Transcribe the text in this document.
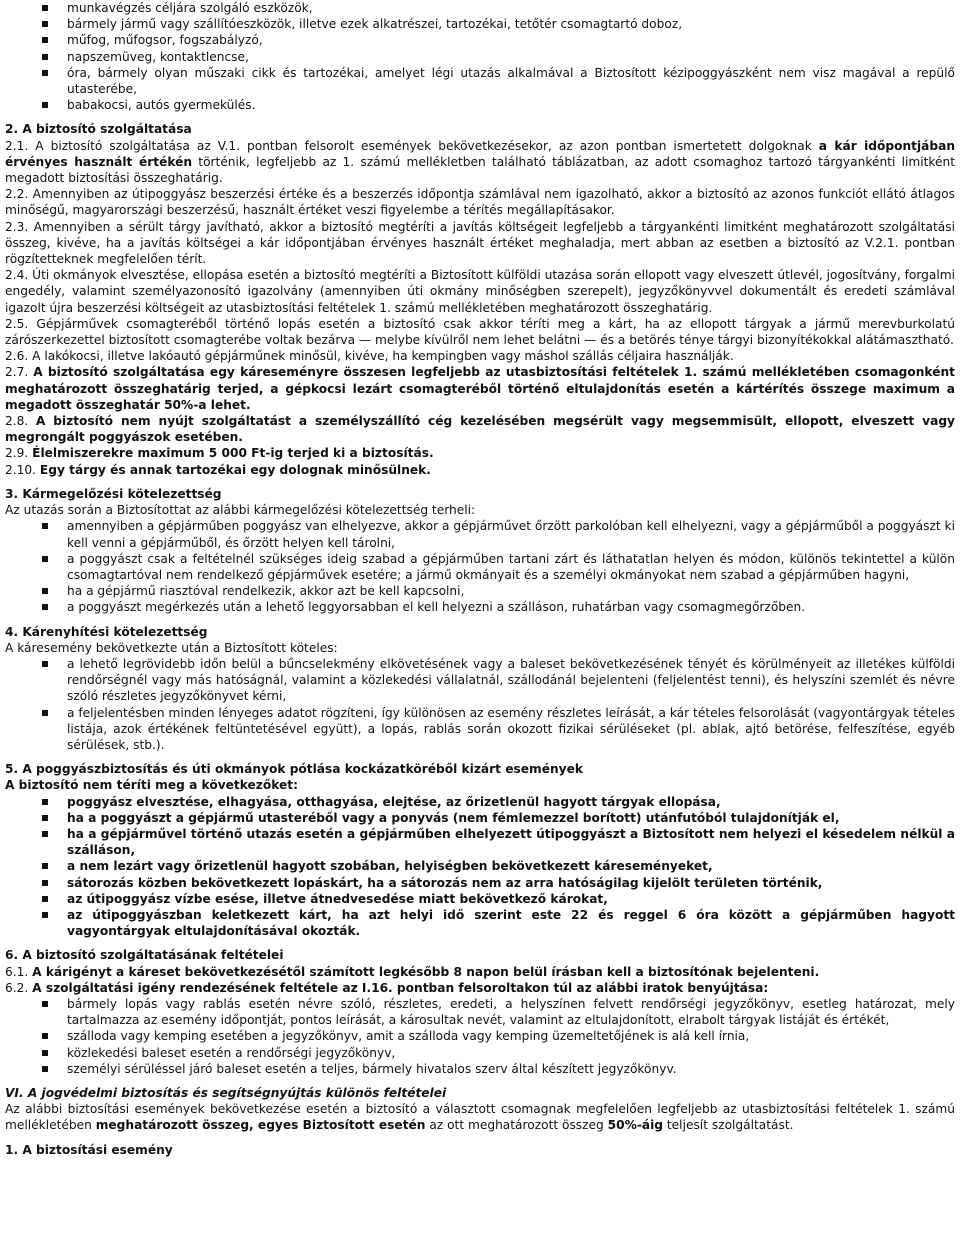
munkavégzés céljára szolgáló eszközök,
bármely jármű vagy szállítóeszközök, illetve ezek alkatrészei, tartozékai, tetőtér csomagtartó doboz,
műfog, műfogsor, fogszabályzó,
napszemüveg, kontaktlencse,
óra, bármely olyan műszaki cikk és tartozékai, amelyet légi utazás alkalmával a Biztosított kézipoggyászként nem visz magával a repülő utasterébe,
babakocsi, autós gyermekülés.

2. A biztosító szolgáltatása

2.1. A biztosító szolgáltatása az V.1. pontban felsorolt események bekövetkezésekor, az azon pontban ismertetett dolgoknak a kár időpontjában érvényes használt értékén történik, legfeljebb az 1. számú mellékletben található táblázatban, az adott csomaghoz tartozó tárgyankénti limitként megadott biztosítási összeghatárig.

2.2. Amennyiben az útipoggyász beszerzési értéke és a beszerzés időpontja számlával nem igazolható, akkor a biztosító az azonos funkciót ellátó átlagos minőségű, magyarországi beszerzésű, használt értéket veszi figyelembe a térítés megállapításakor.

2.3. Amennyiben a sérült tárgy javítható, akkor a biztosító megtéríti a javítás költségeit legfeljebb a tárgyankénti limitként meghatározott szolgáltatási összeg, kivéve, ha a javítás költségei a kár időpontjában érvényes használt értéket meghaladja, mert abban az esetben a biztosító az V.2.1. pontban rögzítetteknek megfelelően térít.

2.4. Úti okmányok elvesztése, ellopása esetén a biztosító megtéríti a Biztosított külföldi utazása során ellopott vagy elveszett útlevél, jogosítvány, forgalmi engedély, valamint személyazonosító igazolvány (amennyiben úti okmány minőségben szerepelt), jegyzőkönyvvel dokumentált és eredeti számlával igazolt újra beszerzési költségeit az utasbiztosítási feltételek 1. számú mellékletében meghatározott összeghatárig.

2.5. Gépjárművek csomagteréből történő lopás esetén a biztosító csak akkor téríti meg a kárt, ha az ellopott tárgyak a jármű merevburkolatú zárószerkezettel biztosított csomagterébe voltak bezárva — melybe kívülről nem lehet belátni — és a betörés ténye tárgyi bizonyítékokkal alátámasztható.

2.6. A lakókocsi, illetve lakóautó gépjárműnek minősül, kivéve, ha kempingben vagy máshol szállás céljaira használják.

2.7. A biztosító szolgáltatása egy káreseményre összesen legfeljebb az utasbiztosítási feltételek 1. számú mellékletében csomagonként meghatározott összeghatárig terjed, a gépkocsi lezárt csomagteréből történő eltulajdonítás esetén a kártérítés összege maximum a megadott összeghatár 50%-a lehet.

2.8. A biztosító nem nyújt szolgáltatást a személyszállító cég kezelésében megsérült vagy megsemmisült, ellopott, elveszett vagy megrongált poggyászok esetében.

2.9. Élelmiszerekre maximum 5 000 Ft-ig terjed ki a biztosítás.

2.10. Egy tárgy és annak tartozékai egy dolognak minősülnek.

3. Kármegelőzési kötelezettség

Az utazás során a Biztosítottat az alábbi kármegelőzési kötelezettség terheli:

amennyiben a gépjárműben poggyász van elhelyezve, akkor a gépjárművet őrzött parkolóban kell elhelyezni, vagy a gépjárműből a poggyászt ki kell venni a gépjárműből, és őrzött helyen kell tárolni,
a poggyászt csak a feltételnél szükséges ideig szabad a gépjárműben tartani zárt és láthatatlan helyen és módon, különös tekintettel a külön csomagtartóval nem rendelkező gépjárművek esetére; a jármű okmányait és a személyi okmányokat nem szabad a gépjárműben hagyni,
ha a gépjármű riasztóval rendelkezik, akkor azt be kell kapcsolni,
a poggyászt megérkezés után a lehető leggyorsabban el kell helyezni a szálláson, ruhatárban vagy csomagmegőrzőben.

4. Kárenyhítési kötelezettség

A káresemény bekövetkezte után a Biztosított köteles:

a lehető legrövidebb időn belül a bűncselekmény elkövetésének vagy a baleset bekövetkezésének tényét és körülményeit az illetékes külföldi rendőrségnél vagy más hatóságnál, valamint a közlekedési vállalatnál, szállodánál bejelenteni (feljelentést tenni), és helyszíni szemlét és névre szóló részletes jegyzőkönyvet kérni,
a feljelentésben minden lényeges adatot rögzíteni, így különösen az esemény részletes leírását, a kár tételes felsorolását (vagyontárgyak tételes listája, azok értékének feltüntetésével együtt), a lopás, rablás során okozott fizikai sérüléseket (pl. ablak, ajtó betörése, felfeszítése, egyéb sérülések, stb.).

5. A poggyászbiztosítás és úti okmányok pótlása kockázatköréből kizárt események

A biztosító nem téríti meg a következőket:

poggyász elvesztése, elhagyása, otthagyása, elejtése, az őrizetlenül hagyott tárgyak ellopása,
ha a poggyászt a gépjármű utasteréből vagy a ponyvás (nem fémlemezzel borított) utánfutóból tulajdonítják el,
ha a gépjárművel történő utazás esetén a gépjárműben elhelyezett útipoggyászt a Biztosított nem helyezi el késedelem nélkül a szálláson,
a nem lezárt vagy őrizetlenül hagyott szobában, helyiségben bekövetkezett káreseményeket,
sátorozás közben bekövetkezett lopáskárt, ha a sátorozás nem az arra hatóságilag kijelölt területen történik,
az útipoggyász vízbe esése, illetve átnedvesedése miatt bekövetkező károkat,
az útipoggyászban keletkezett kárt, ha azt helyi idő szerint este 22 és reggel 6 óra között a gépjárműben hagyott vagyontárgyak eltulajdonításával okozták.

6. A biztosító szolgáltatásának feltételei

6.1. A kárigényt a káreset bekövetkezésétől számított legkésőbb 8 napon belül írásban kell a biztosítónak bejelenteni.

6.2. A szolgáltatási igény rendezésének feltétele az I.16. pontban felsoroltakon túl az alábbi iratok benyújtása:

bármely lopás vagy rablás esetén névre szóló, részletes, eredeti, a helyszínen felvett rendőrségi jegyzőkönyv, esetleg határozat, mely tartalmazza az esemény időpontját, pontos leírását, a károsultak nevét, valamint az eltulajdonított, elrabolt tárgyak listáját és értékét,
szálloda vagy kemping esetében a jegyzőkönyv, amit a szálloda vagy kemping üzemeltetőjének is alá kell írnia,
közlekedési baleset esetén a rendőrségi jegyzőkönyv,
személyi sérüléssel járó baleset esetén a teljes, bármely hivatalos szerv által készített jegyzőkönyv.

VI. A jogvédelmi biztosítás és segítségnyújtás különös feltételei

Az alábbi biztosítási események bekövetkezése esetén a biztosító a választott csomagnak megfelelően legfeljebb az utasbiztosítási feltételek 1. számú mellékletében meghatározott összeg, egyes Biztosított esetén az ott meghatározott összeg 50%-áig teljesít szolgáltatást.

1. A biztosítási esemény
